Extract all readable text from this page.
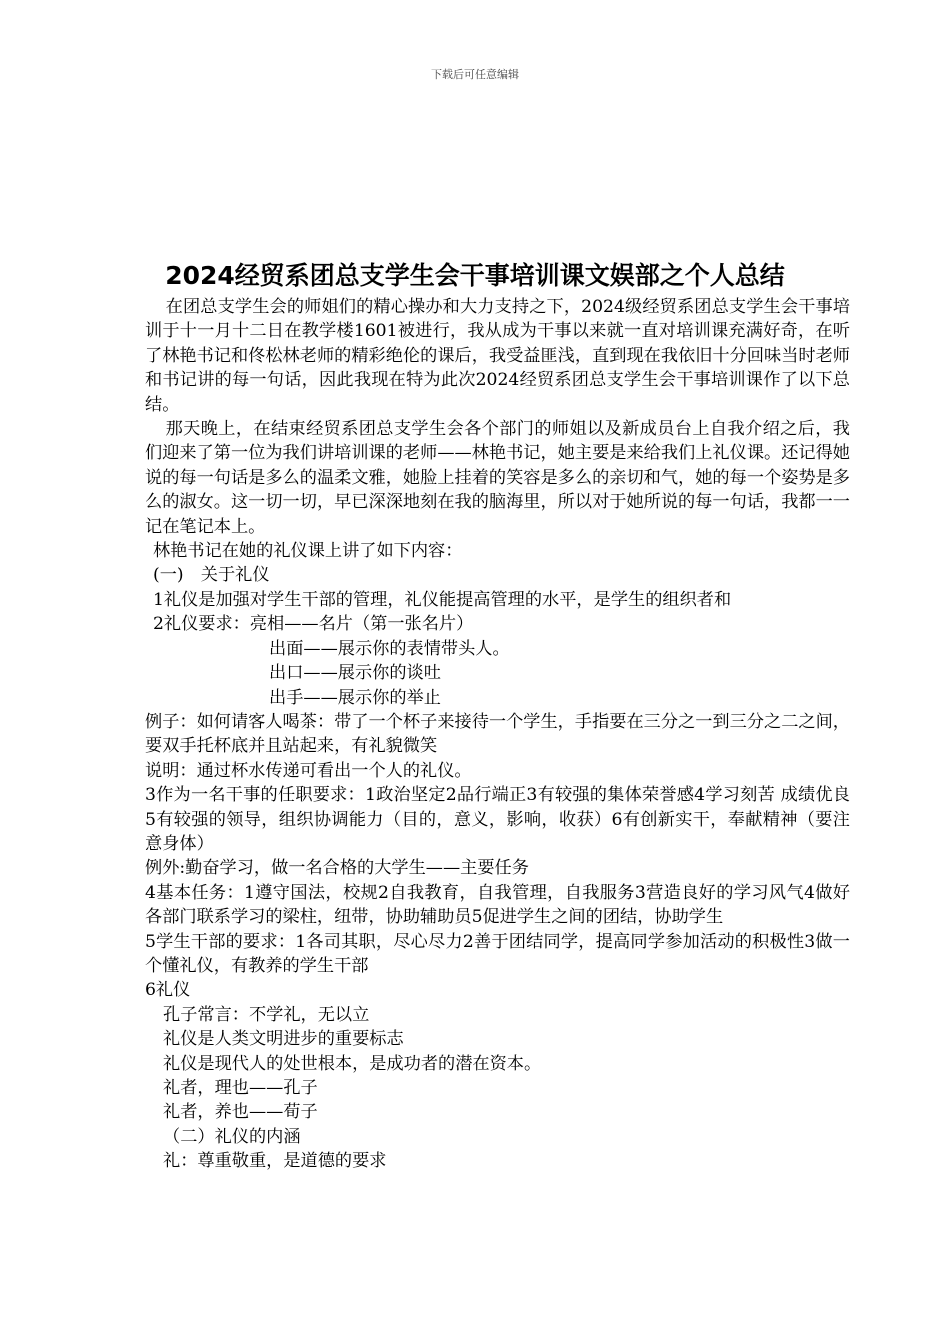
下载后可任意编辑
2024经贸系团总支学生会干事培训课文娱部之个人总结

在团总支学生会的师姐们的精心操办和大力支持之下，2024级经贸系团总支学生会干事培训于十一月十二日在教学楼1601被进行，我从成为干事以来就一直对培训课充满好奇，在听了林艳书记和佟松林老师的精彩绝伦的课后，我受益匪浅，直到现在我依旧十分回味当时老师和书记讲的每一句话，因此我现在特为此次2024经贸系团总支学生会干事培训课作了以下总结。

那天晚上，在结束经贸系团总支学生会各个部门的师姐以及新成员台上自我介绍之后，我们迎来了第一位为我们讲培训课的老师——林艳书记，她主要是来给我们上礼仪课。还记得她说的每一句话是多么的温柔文雅，她脸上挂着的笑容是多么的亲切和气，她的每一个姿势是多么的淑女。这一切一切，早已深深地刻在我的脑海里，所以对于她所说的每一句话，我都一一记在笔记本上。

林艳书记在她的礼仪课上讲了如下内容：

(一)　关于礼仪

1礼仪是加强对学生干部的管理，礼仪能提高管理的水平，是学生的组织者和

2礼仪要求：亮相——名片（第一张名片）

出面——展示你的表情带头人。

出口——展示你的谈吐

出手——展示你的举止

例子：如何请客人喝茶：带了一个杯子来接待一个学生，手指要在三分之一到三分之二之间，要双手托杯底并且站起来，有礼貌微笑

说明：通过杯水传递可看出一个人的礼仪。

3作为一名干事的任职要求：1政治坚定2品行端正3有较强的集体荣誉感4学习刻苦 成绩优良5有较强的领导，组织协调能力（目的，意义，影响，收获）6有创新实干，奉献精神（要注意身体）

例外:勤奋学习，做一名合格的大学生——主要任务

4基本任务：1遵守国法，校规2自我教育，自我管理，自我服务3营造良好的学习风气4做好各部门联系学习的梁柱，纽带，协助辅助员5促进学生之间的团结，协助学生

5学生干部的要求：1各司其职，尽心尽力2善于团结同学，提高同学参加活动的积极性3做一个懂礼仪，有教养的学生干部

6礼仪

孔子常言：不学礼，无以立

礼仪是人类文明进步的重要标志

礼仪是现代人的处世根本，是成功者的潜在资本。

礼者，理也——孔子

礼者，养也——荀子

（二）礼仪的内涵

礼：尊重敬重，是道德的要求
